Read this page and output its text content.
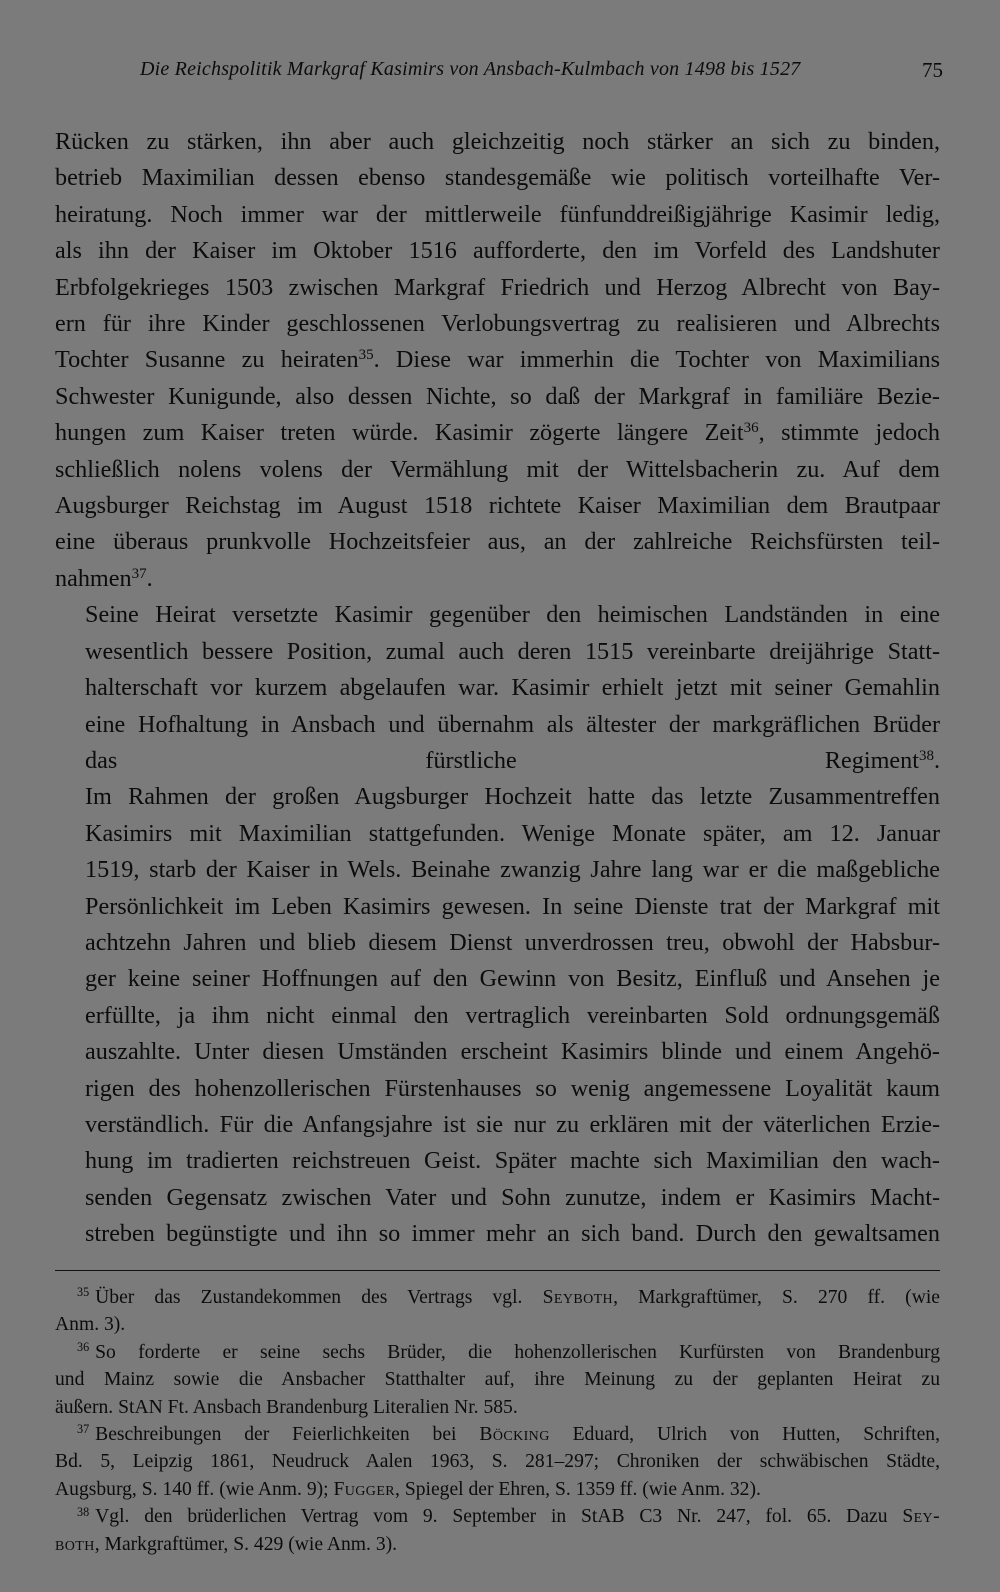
Die Reichspolitik Markgraf Kasimirs von Ansbach-Kulmbach von 1498 bis 1527	75
Rücken zu stärken, ihn aber auch gleichzeitig noch stärker an sich zu binden,
betrieb Maximilian dessen ebenso standesgemäße wie politisch vorteilhafte Ver-
heiratung. Noch immer war der mittlerweile fünfunddreißigjährige Kasimir ledig,
als ihn der Kaiser im Oktober 1516 aufforderte, den im Vorfeld des Landshuter
Erbfolgekrieges 1503 zwischen Markgraf Friedrich und Herzog Albrecht von Bay-
ern für ihre Kinder geschlossenen Verlobungsvertrag zu realisieren und Albrechts
Tochter Susanne zu heiraten$^{35}$. Diese war immerhin die Tochter von Maximilians
Schwester Kunigunde, also dessen Nichte, so daß der Markgraf in familiäre Bezie-
hungen zum Kaiser treten würde. Kasimir zögerte längere Zeit$^{36}$, stimmte jedoch
schließlich nolens volens der Vermählung mit der Wittelsbacherin zu. Auf dem
Augsburger Reichstag im August 1518 richtete Kaiser Maximilian dem Brautpaar
eine überaus prunkvolle Hochzeitsfeier aus, an der zahlreiche Reichsfürsten teil-
nahmen$^{37}$.
Seine Heirat versetzte Kasimir gegenüber den heimischen Landständen in eine
wesentlich bessere Position, zumal auch deren 1515 vereinbarte dreijährige Statt-
halterschaft vor kurzem abgelaufen war. Kasimir erhielt jetzt mit seiner Gemahlin
eine Hofhaltung in Ansbach und übernahm als ältester der markgräflichen Brüder
das fürstliche Regiment$^{38}$.
Im Rahmen der großen Augsburger Hochzeit hatte das letzte Zusammentreffen
Kasimirs mit Maximilian stattgefunden. Wenige Monate später, am 12. Januar
1519, starb der Kaiser in Wels. Beinahe zwanzig Jahre lang war er die maßgebliche
Persönlichkeit im Leben Kasimirs gewesen. In seine Dienste trat der Markgraf mit
achtzehn Jahren und blieb diesem Dienst unverdrossen treu, obwohl der Habsbur-
ger keine seiner Hoffnungen auf den Gewinn von Besitz, Einfluß und Ansehen je
erfüllte, ja ihm nicht einmal den vertraglich vereinbarten Sold ordnungsgemäß
auszahlte. Unter diesen Umständen erscheint Kasimirs blinde und einem Angehö-
rigen des hohenzollerischen Fürstenhauses so wenig angemessene Loyalität kaum
verständlich. Für die Anfangsjahre ist sie nur zu erklären mit der väterlichen Erzie-
hung im tradierten reichstreuen Geist. Später machte sich Maximilian den wach-
senden Gegensatz zwischen Vater und Sohn zunutze, indem er Kasimirs Macht-
streben begünstigte und ihn so immer mehr an sich band. Durch den gewaltsamen
$^{35}$ Über das Zustandekommen des Vertrags vgl. Seyboth, Markgraftümer, S. 270 ff. (wie
Anm. 3).
$^{36}$ So forderte er seine sechs Brüder, die hohenzollerischen Kurfürsten von Brandenburg
und Mainz sowie die Ansbacher Statthalter auf, ihre Meinung zu der geplanten Heirat zu
äußern. StAN Ft. Ansbach Brandenburg Literalien Nr. 585.
$^{37}$ Beschreibungen der Feierlichkeiten bei Böcking Eduard, Ulrich von Hutten, Schriften,
Bd. 5, Leipzig 1861, Neudruck Aalen 1963, S. 281–297; Chroniken der schwäbischen Städte,
Augsburg, S. 140 ff. (wie Anm. 9); Fugger, Spiegel der Ehren, S. 1359 ff. (wie Anm. 32).
$^{38}$ Vgl. den brüderlichen Vertrag vom 9. September in StAB C3 Nr. 247, fol. 65. Dazu Sey-
both, Markgraftümer, S. 429 (wie Anm. 3).
